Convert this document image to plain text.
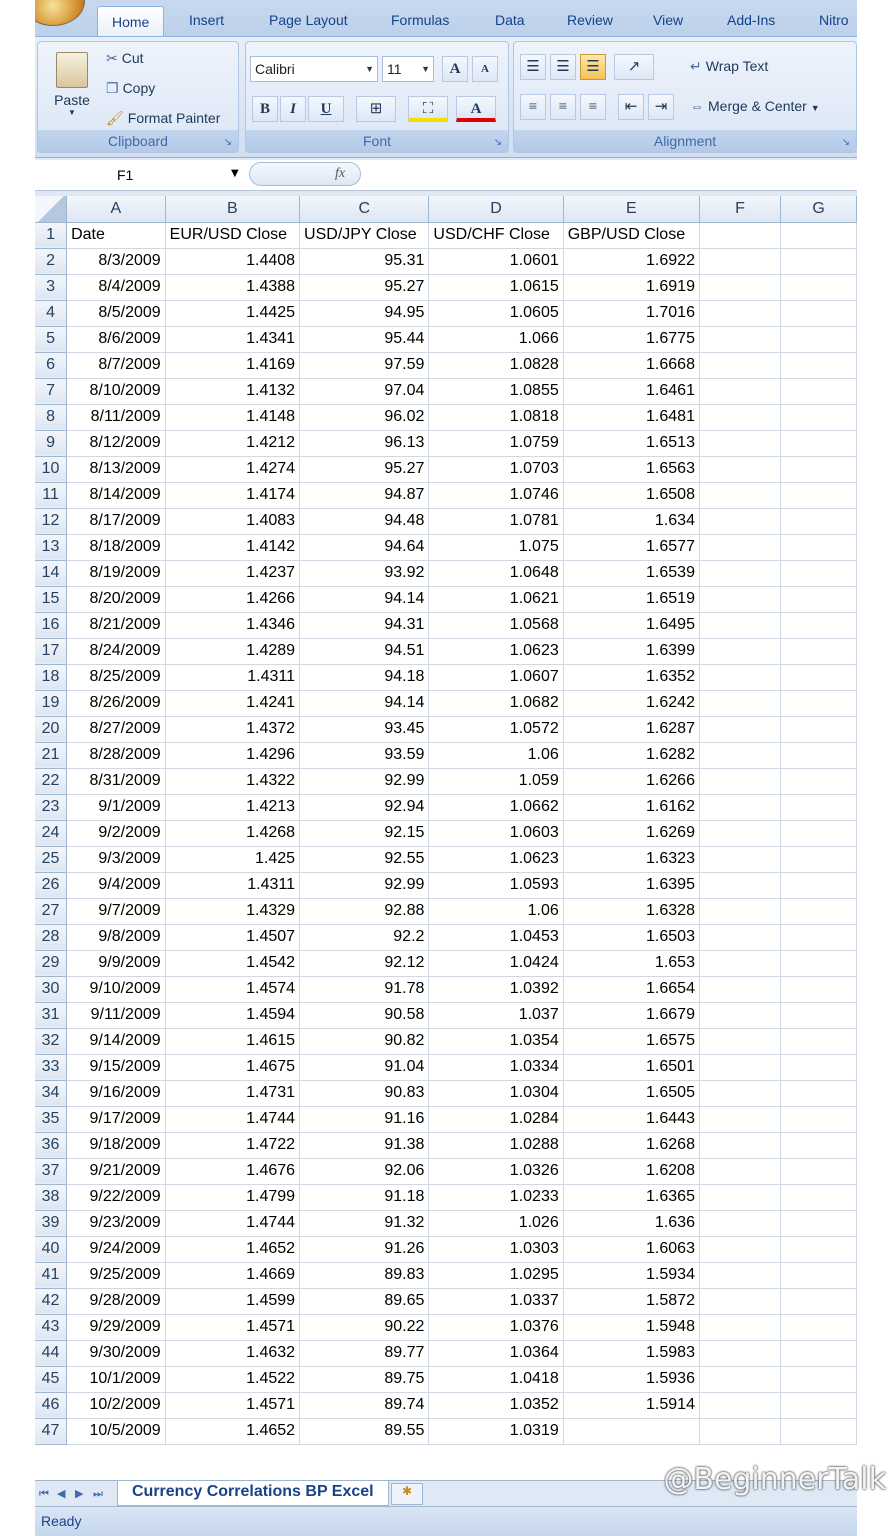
Home	Insert	Page Layout	Formulas	Data	Review	View	Add-Ins	Nitro
Paste
▼
✂ Cut
❐ Copy
🖌 Format Painter
Clipboard	↘
Calibri	▼ 11 ▼	A	A
B	I	U	⊞	⛶	A
Font	↘
☰	☰	☰	↗
≡	≡	≡	⇤	⇥
↵ Wrap Text
⇔ Merge & Center ▼
Alignment	↘
F1	▼	fx
	A	B	C	D	E	F	G
1	Date	EUR/USD Close	USD/JPY Close	USD/CHF Close	GBP/USD Close		
2	8/3/2009	1.4408	95.31	1.0601	1.6922		
3	8/4/2009	1.4388	95.27	1.0615	1.6919		
4	8/5/2009	1.4425	94.95	1.0605	1.7016		
5	8/6/2009	1.4341	95.44	1.066	1.6775		
6	8/7/2009	1.4169	97.59	1.0828	1.6668		
7	8/10/2009	1.4132	97.04	1.0855	1.6461		
8	8/11/2009	1.4148	96.02	1.0818	1.6481		
9	8/12/2009	1.4212	96.13	1.0759	1.6513		
10	8/13/2009	1.4274	95.27	1.0703	1.6563		
11	8/14/2009	1.4174	94.87	1.0746	1.6508		
12	8/17/2009	1.4083	94.48	1.0781	1.634		
13	8/18/2009	1.4142	94.64	1.075	1.6577		
14	8/19/2009	1.4237	93.92	1.0648	1.6539		
15	8/20/2009	1.4266	94.14	1.0621	1.6519		
16	8/21/2009	1.4346	94.31	1.0568	1.6495		
17	8/24/2009	1.4289	94.51	1.0623	1.6399		
18	8/25/2009	1.4311	94.18	1.0607	1.6352		
19	8/26/2009	1.4241	94.14	1.0682	1.6242		
20	8/27/2009	1.4372	93.45	1.0572	1.6287		
21	8/28/2009	1.4296	93.59	1.06	1.6282		
22	8/31/2009	1.4322	92.99	1.059	1.6266		
23	9/1/2009	1.4213	92.94	1.0662	1.6162		
24	9/2/2009	1.4268	92.15	1.0603	1.6269		
25	9/3/2009	1.425	92.55	1.0623	1.6323		
26	9/4/2009	1.4311	92.99	1.0593	1.6395		
27	9/7/2009	1.4329	92.88	1.06	1.6328		
28	9/8/2009	1.4507	92.2	1.0453	1.6503		
29	9/9/2009	1.4542	92.12	1.0424	1.653		
30	9/10/2009	1.4574	91.78	1.0392	1.6654		
31	9/11/2009	1.4594	90.58	1.037	1.6679		
32	9/14/2009	1.4615	90.82	1.0354	1.6575		
33	9/15/2009	1.4675	91.04	1.0334	1.6501		
34	9/16/2009	1.4731	90.83	1.0304	1.6505		
35	9/17/2009	1.4744	91.16	1.0284	1.6443		
36	9/18/2009	1.4722	91.38	1.0288	1.6268		
37	9/21/2009	1.4676	92.06	1.0326	1.6208		
38	9/22/2009	1.4799	91.18	1.0233	1.6365		
39	9/23/2009	1.4744	91.32	1.026	1.636		
40	9/24/2009	1.4652	91.26	1.0303	1.6063		
41	9/25/2009	1.4669	89.83	1.0295	1.5934		
42	9/28/2009	1.4599	89.65	1.0337	1.5872		
43	9/29/2009	1.4571	90.22	1.0376	1.5948		
44	9/30/2009	1.4632	89.77	1.0364	1.5983		
45	10/1/2009	1.4522	89.75	1.0418	1.5936		
46	10/2/2009	1.4571	89.74	1.0352	1.5914		
47	10/5/2009	1.4652	89.55	1.0319			
⏮ ◀ ▶ ⏭	Currency Correlations BP Excel	✱
Ready
@BeginnerTalk
